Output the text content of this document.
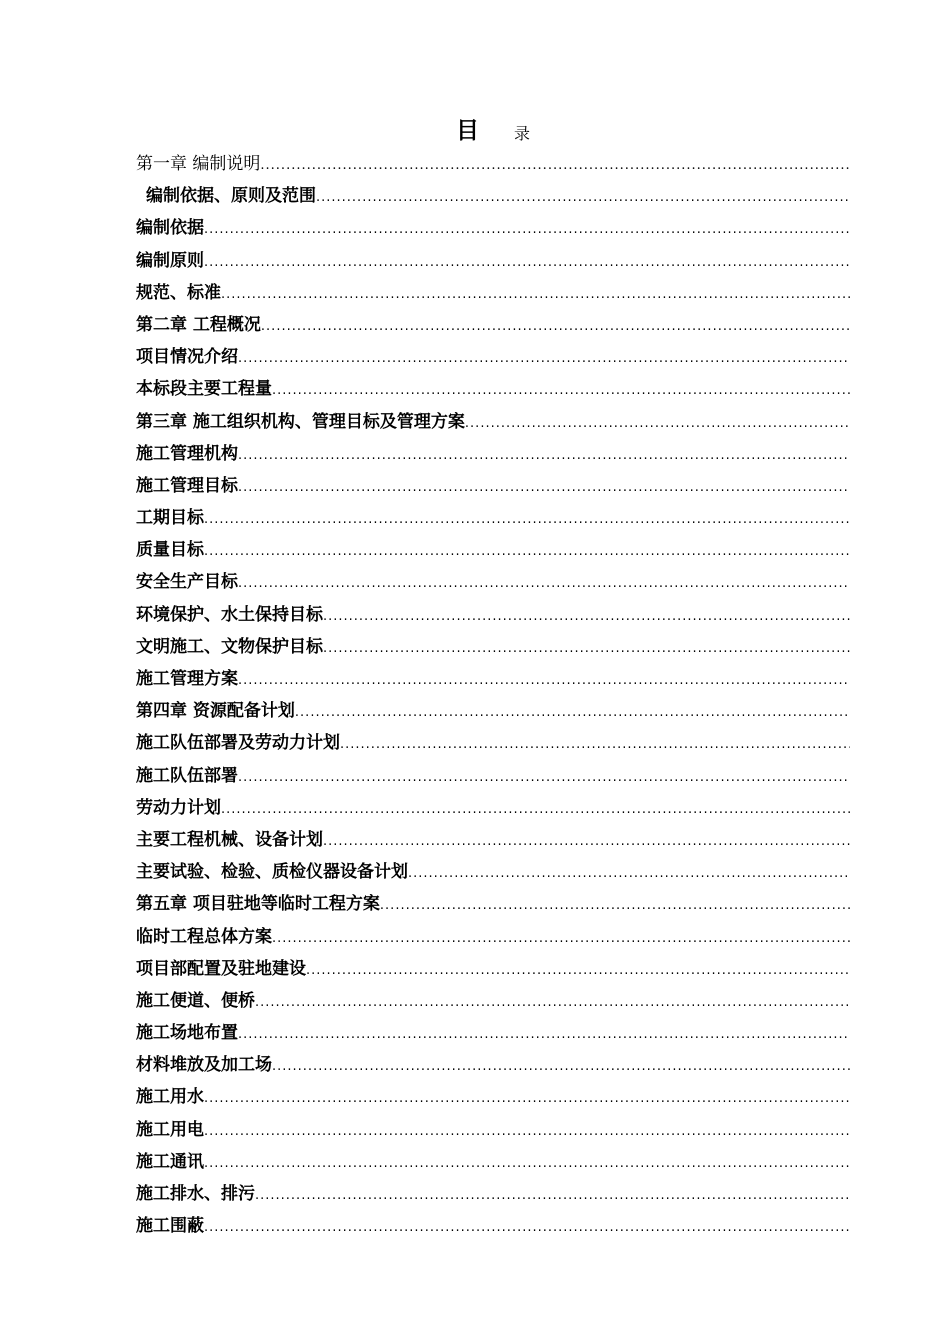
目 录
第一章 编制说明
.....
编制依据、原则及范围
.....
编制依据
.....
编制原则
.....
规范、标准
.....
第二章 工程概况
.....
项目情况介绍
.....
本标段主要工程量
.....
第三章 施工组织机构、管理目标及管理方案
.....
施工管理机构
.....
施工管理目标
.....
工期目标
.....
质量目标
.....
安全生产目标
.....
环境保护、水土保持目标
.....
文明施工、文物保护目标
.....
施工管理方案
.....
第四章 资源配备计划
.....
施工队伍部署及劳动力计划
.....
施工队伍部署
.....
劳动力计划
.....
主要工程机械、设备计划
.....
主要试验、检验、质检仪器设备计划
.....
第五章 项目驻地等临时工程方案
.....
临时工程总体方案
.....
项目部配置及驻地建设
.....
施工便道、便桥
.....
施工场地布置
.....
材料堆放及加工场
.....
施工用水
.....
施工用电
.....
施工通讯
.....
施工排水、排污
.....
施工围蔽
.....
